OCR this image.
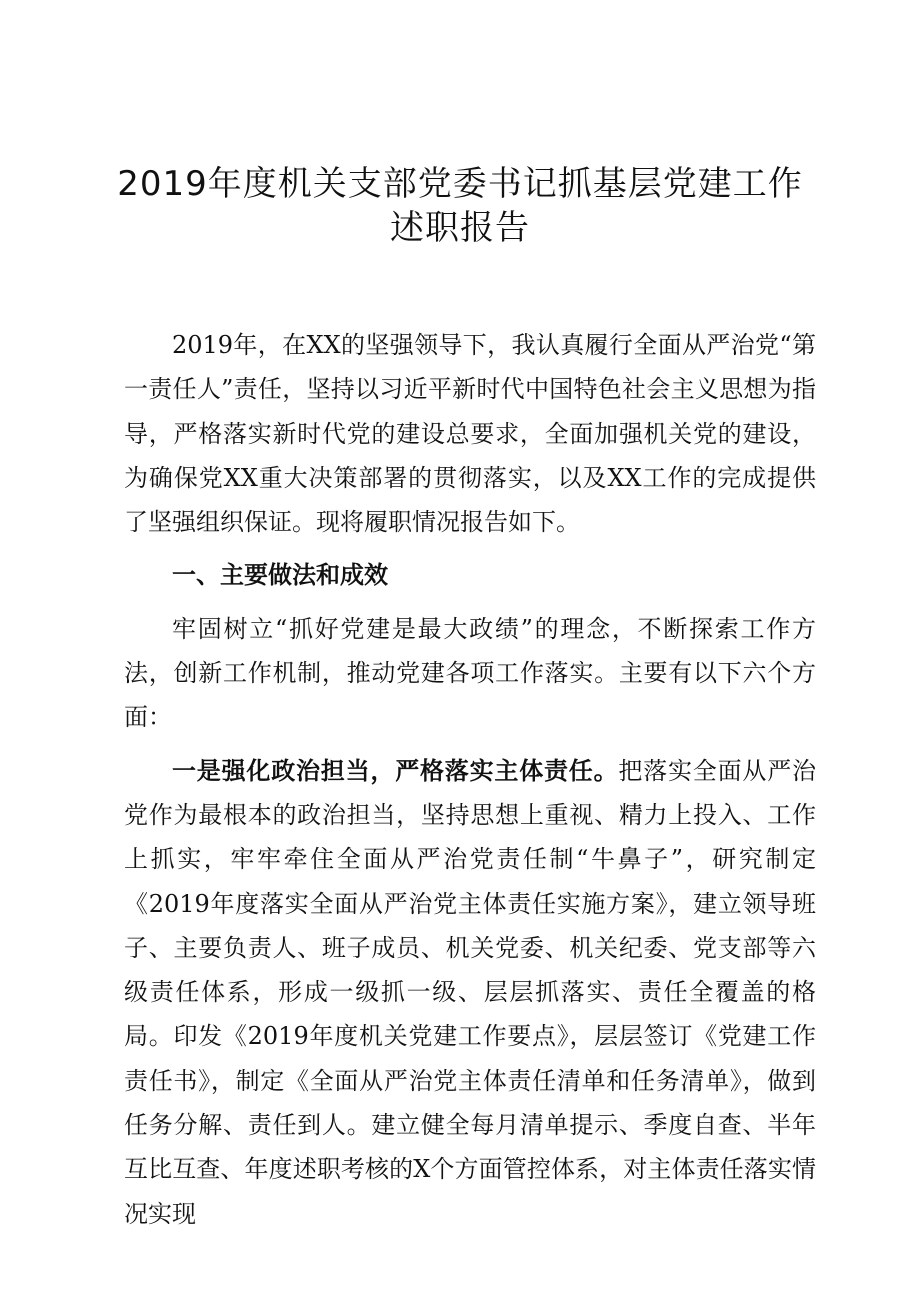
2019年度机关支部党委书记抓基层党建工作
述职报告

2019年，在XX的坚强领导下，我认真履行全面从严治党“第一责任人”责任，坚持以习近平新时代中国特色社会主义思想为指导，严格落实新时代党的建设总要求，全面加强机关党的建设，为确保党XX重大决策部署的贯彻落实，以及XX工作的完成提供了坚强组织保证。现将履职情况报告如下。

一、主要做法和成效

牢固树立“抓好党建是最大政绩”的理念，不断探索工作方法，创新工作机制，推动党建各项工作落实。主要有以下六个方面：

一是强化政治担当，严格落实主体责任。把落实全面从严治党作为最根本的政治担当，坚持思想上重视、精力上投入、工作上抓实，牢牢牵住全面从严治党责任制“牛鼻子”，研究制定《2019年度落实全面从严治党主体责任实施方案》，建立领导班子、主要负责人、班子成员、机关党委、机关纪委、党支部等六级责任体系，形成一级抓一级、层层抓落实、责任全覆盖的格局。印发《2019年度机关党建工作要点》，层层签订《党建工作责任书》，制定《全面从严治党主体责任清单和任务清单》，做到任务分解、责任到人。建立健全每月清单提示、季度自查、半年互比互查、年度述职考核的X个方面管控体系，对主体责任落实情况实现
